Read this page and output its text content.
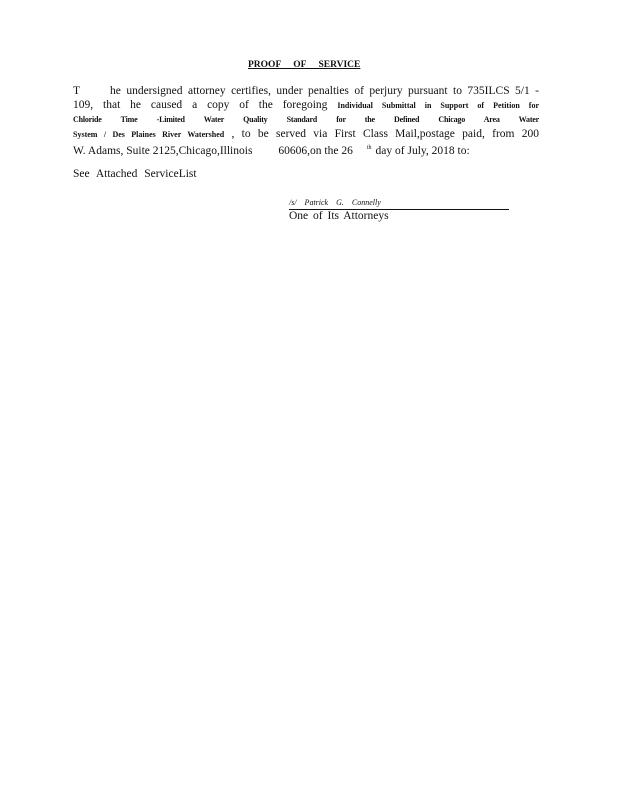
PROOF OF SERVICE
T	he undersigned attorney certifies, under penalties of perjury pursuant to 735ILCS 5/1 -
109, that he caused a copy of the foregoing Individual Submittal in Support of Petition for
Chloride Time -Limited Water Quality Standard for the Defined Chicago Area Water
System / Des Plaines River Watershed , to be served via First Class Mail,postage paid, from 200
W. Adams, Suite 2125,Chicago,Illinois 60606,on the 26 $^{th}$ day of July, 2018 to:
See Attached ServiceList
/s/ Patrick G. Connelly
One of Its Attorneys
